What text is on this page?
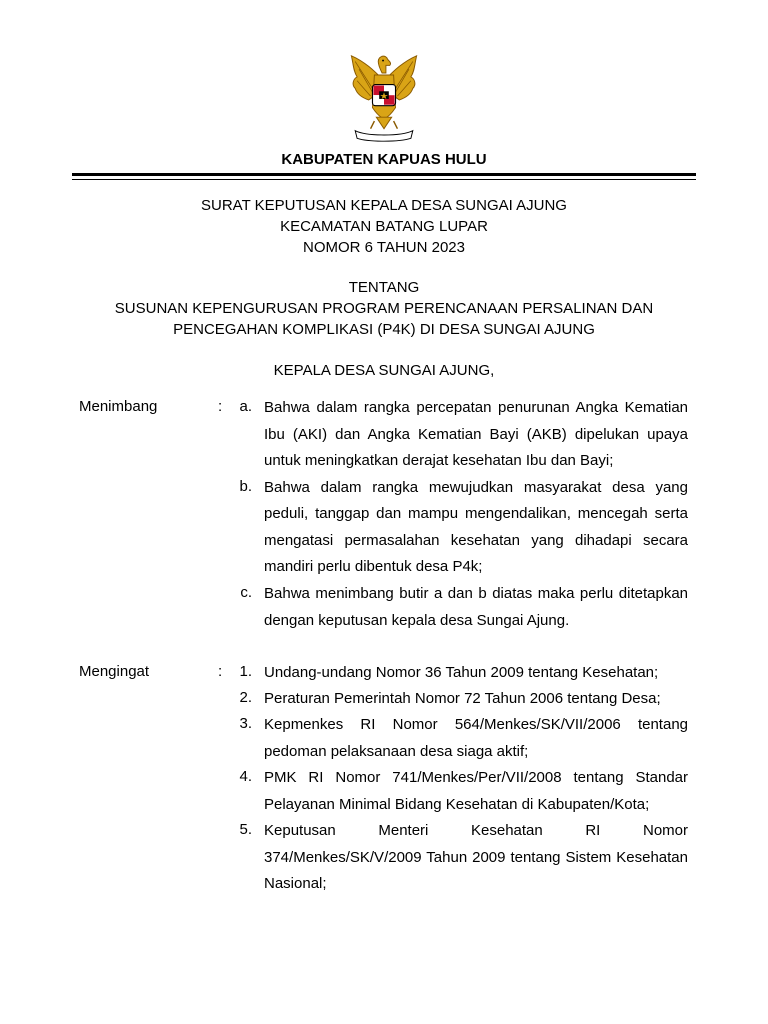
KABUPATEN KAPUAS HULU
SURAT KEPUTUSAN KEPALA DESA SUNGAI AJUNG
KECAMATAN BATANG LUPAR
NOMOR 6 TAHUN 2023
TENTANG
SUSUNAN KEPENGURUSAN PROGRAM PERENCANAAN PERSALINAN DAN
PENCEGAHAN KOMPLIKASI (P4K) DI DESA SUNGAI AJUNG
KEPALA DESA SUNGAI AJUNG,
Menimbang	:	a. Bahwa dalam rangka percepatan penurunan Angka Kematian
Ibu (AKI) dan Angka Kematian Bayi (AKB) dipelukan upaya
untuk meningkatkan derajat kesehatan Ibu dan Bayi;
b. Bahwa dalam rangka mewujudkan masyarakat desa yang
peduli, tanggap dan mampu mengendalikan, mencegah serta
mengatasi permasalahan kesehatan yang dihadapi secara
mandiri perlu dibentuk desa P4k;
c. Bahwa menimbang butir a dan b diatas maka perlu ditetapkan
dengan keputusan kepala desa Sungai Ajung.
Mengingat	:	1. Undang-undang Nomor 36 Tahun 2009 tentang Kesehatan;
2. Peraturan Pemerintah Nomor 72 Tahun 2006 tentang Desa;
3. Kepmenkes RI Nomor 564/Menkes/SK/VII/2006 tentang
pedoman pelaksanaan desa siaga aktif;
4. PMK RI Nomor 741/Menkes/Per/VII/2008 tentang Standar
Pelayanan Minimal Bidang Kesehatan di Kabupaten/Kota;
5. Keputusan Menteri Kesehatan RI Nomor
374/Menkes/SK/V/2009 Tahun 2009 tentang Sistem Kesehatan
Nasional;
